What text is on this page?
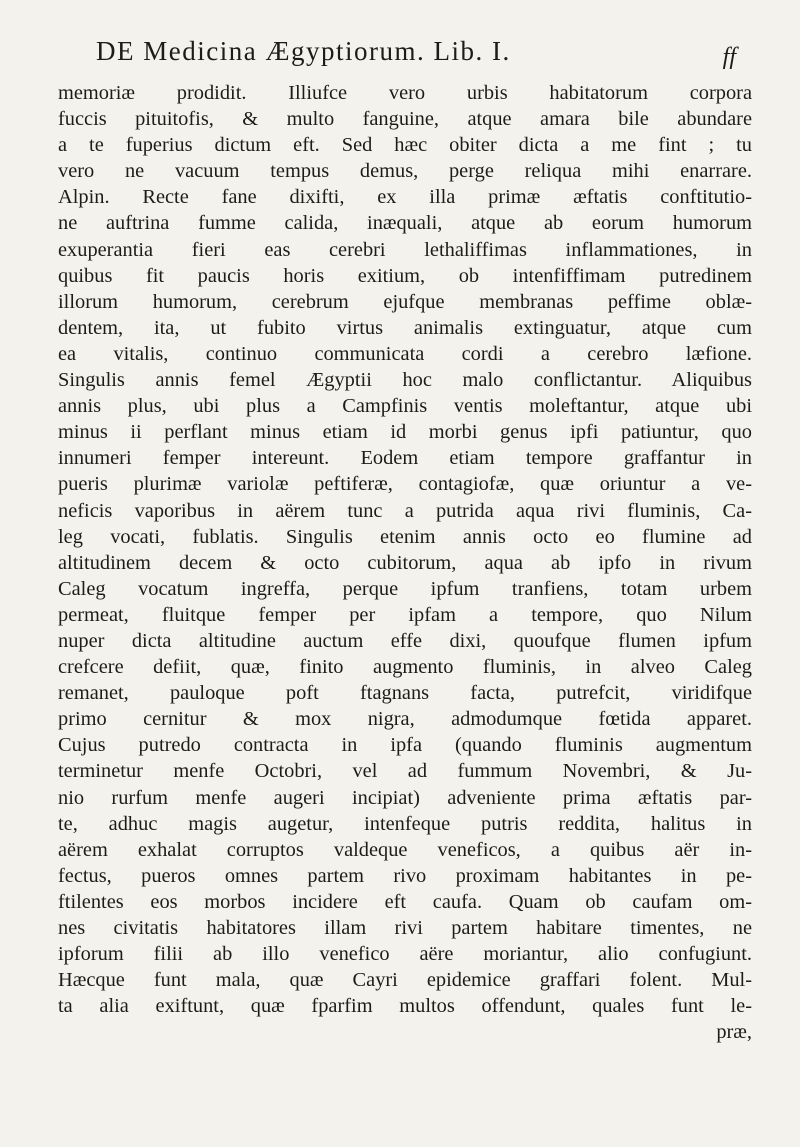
DE Medicina Ægyptiorum. Lib. I.	ff
memoriæ prodidit. Illiufce vero urbis habitatorum corpora
fuccis pituitofis, & multo fanguine, atque amara bile abundare
a te fuperius dictum eft. Sed hæc obiter dicta a me fint ; tu
vero ne vacuum tempus demus, perge reliqua mihi enarrare.
Alpin. Recte fane dixifti, ex illa primæ æftatis conftitutio-
ne auftrina fumme calida, inæquali, atque ab eorum humorum
exuperantia fieri eas cerebri lethaliffimas inflammationes, in
quibus fit paucis horis exitium, ob intenfiffimam putredinem
illorum humorum, cerebrum ejufque membranas peffime oblæ-
dentem, ita, ut fubito virtus animalis extinguatur, atque cum
ea vitalis, continuo communicata cordi a cerebro læfione.
Singulis annis femel Ægyptii hoc malo conflictantur. Aliquibus
annis plus, ubi plus a Campfinis ventis moleftantur, atque ubi
minus ii perflant minus etiam id morbi genus ipfi patiuntur, quo
innumeri femper intereunt. Eodem etiam tempore graffantur in
pueris plurimæ variolæ peftiferæ, contagiofæ, quæ oriuntur a ve-
neficis vaporibus in aërem tunc a putrida aqua rivi fluminis, Ca-
leg vocati, fublatis. Singulis etenim annis octo eo flumine ad
altitudinem decem & octo cubitorum, aqua ab ipfo in rivum
Caleg vocatum ingreffa, perque ipfum tranfiens, totam urbem
permeat, fluitque femper per ipfam a tempore, quo Nilum
nuper dicta altitudine auctum effe dixi, quoufque flumen ipfum
crefcere defiit, quæ, finito augmento fluminis, in alveo Caleg
remanet, pauloque poft ftagnans facta, putrefcit, viridifque
primo cernitur & mox nigra, admodumque fœtida apparet.
Cujus putredo contracta in ipfa (quando fluminis augmentum
terminetur menfe Octobri, vel ad fummum Novembri, & Ju-
nio rurfum menfe augeri incipiat) adveniente prima æftatis par-
te, adhuc magis augetur, intenfeque putris reddita, halitus in
aërem exhalat corruptos valdeque veneficos, a quibus aër in-
fectus, pueros omnes partem rivo proximam habitantes in pe-
ftilentes eos morbos incidere eft caufa. Quam ob caufam om-
nes civitatis habitatores illam rivi partem habitare timentes, ne
ipforum filii ab illo venefico aëre moriantur, alio confugiunt.
Hæcque funt mala, quæ Cayri epidemice graffari folent. Mul-
ta alia exiftunt, quæ fparfim multos offendunt, quales funt le-
præ,
